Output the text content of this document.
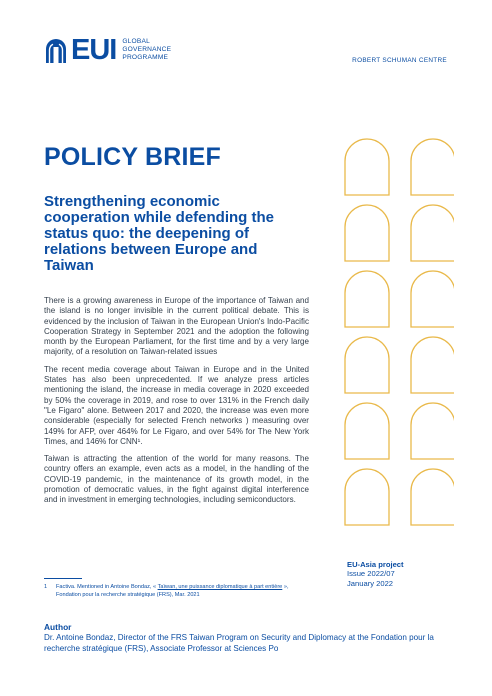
EUI GLOBAL
GOVERNANCE
PROGRAMME	ROBERT SCHUMAN CENTRE
POLICY BRIEF
Strengthening economic cooperation while defending the status quo: the deepening of relations between Europe and Taiwan

There is a growing awareness in Europe of the importance of Taiwan and the island is no longer invisible in the current political debate. This is evidenced by the inclusion of Taiwan in the European Union's Indo-Pacific Cooperation Strategy in September 2021 and the adoption the following month by the European Parliament, for the first time and by a very large majority, of a resolution on Taiwan-related issues

The recent media coverage about Taiwan in Europe and in the United States has also been unprecedented. If we analyze press articles mentioning the island, the increase in media coverage in 2020 exceeded by 50% the coverage in 2019, and rose to over 131% in the French daily "Le Figaro" alone. Between 2017 and 2020, the increase was even more considerable (especially for selected French networks ) measuring over 149% for AFP, over 464% for Le Figaro, and over 54% for The New York Times, and 146% for CNN¹.

Taiwan is attracting the attention of the world for many reasons. The country offers an example, even acts as a model, in the handling of the COVID-19 pandemic, in the maintenance of its growth model, in the promotion of democratic values, in the fight against digital interference and in investment in emerging technologies, including semiconductors.

EU-Asia project
Issue 2022/07
January 2022
1	Factiva. Mentioned in Antoine Bondaz, « Taïwan, une puissance diplomatique à part entière », Fondation pour la recherche stratégique (FRS), Mar. 2021
Author
Dr. Antoine Bondaz, Director of the FRS Taiwan Program on Security and Diplomacy at the Fondation pour la recherche stratégique (FRS), Associate Professor at Sciences Po
